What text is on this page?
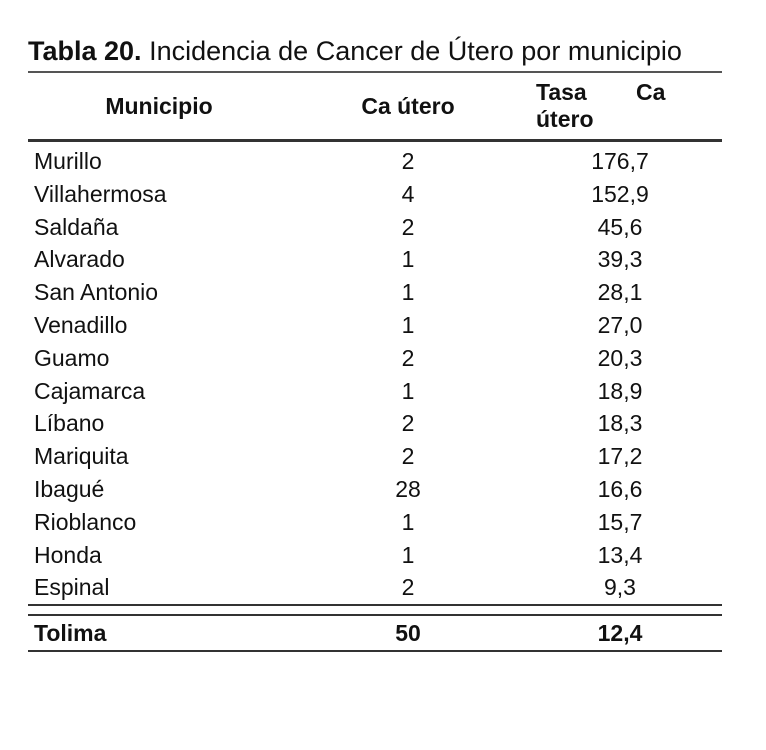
Tabla 20. Incidencia de Cancer de Útero por municipio

Municipio	Ca útero	Tasa Ca útero
Murillo	2	176,7
Villahermosa	4	152,9
Saldaña	2	45,6
Alvarado	1	39,3
San Antonio	1	28,1
Venadillo	1	27,0
Guamo	2	20,3
Cajamarca	1	18,9
Líbano	2	18,3
Mariquita	2	17,2
Ibagué	28	16,6
Rioblanco	1	15,7
Honda	1	13,4
Espinal	2	9,3

Tolima	50	12,4
